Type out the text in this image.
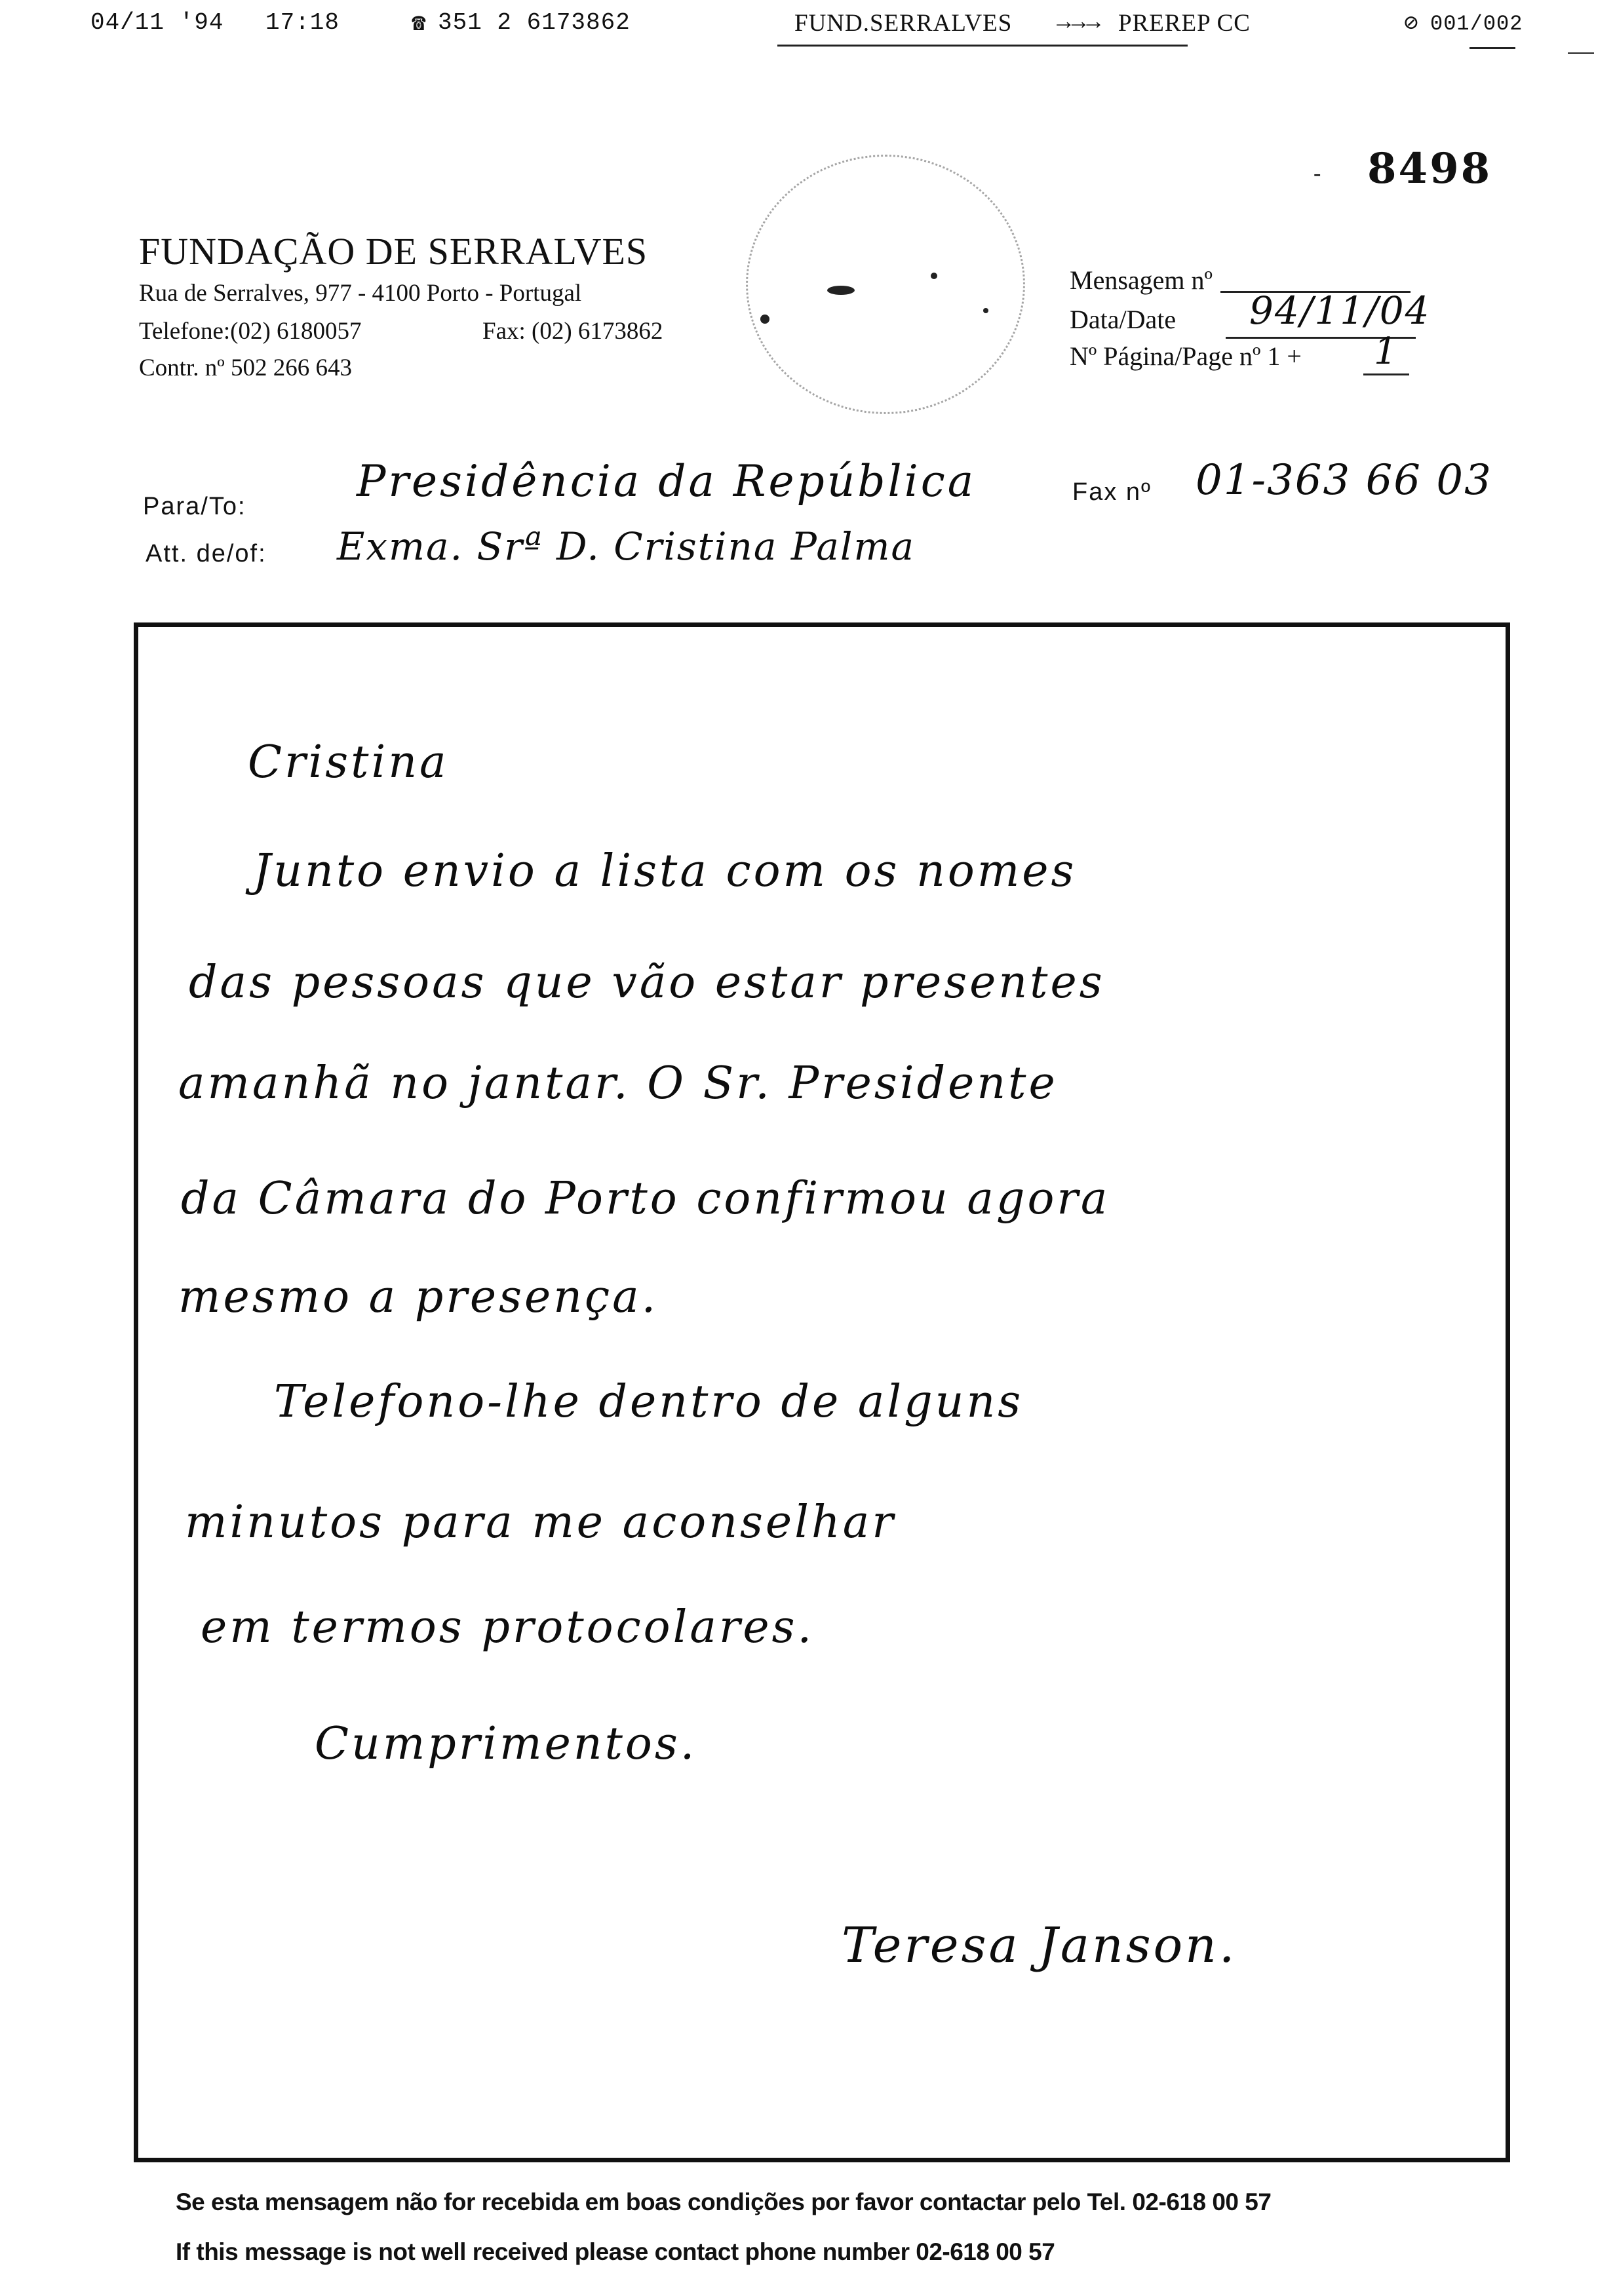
04/11 '94 17:18	☎ 351 2 6173862	FUND.SERRALVES →→→ PREREP CC	⊘ 001/002
- 8498
FUNDAÇÃO DE SERRALVES
Rua de Serralves, 977 - 4100 Porto - Portugal
Telefone:(02) 6180057	Fax: (02) 6173862
Contr. nº 502 266 643
Mensagem nº
Data/Date 94/11/04
Nº Página/Page nº 1 + 1
Para/To:	Presidência da República
Att. de/of: Exma. Srª D. Cristina Palma
Fax nº 01-363 66 03
Cristina
Junto envio a lista com os nomes
das pessoas que vão estar presentes
amanhã no jantar. O Sr. Presidente
da Câmara do Porto confirmou agora
mesmo a presença.
Telefono-lhe dentro de alguns
minutos para me aconselhar
em termos protocolares.
Cumprimentos.
Teresa Janson.
Se esta mensagem não for recebida em boas condições por favor contactar pelo Tel. 02-618 00 57
If this message is not well received please contact phone number 02-618 00 57
